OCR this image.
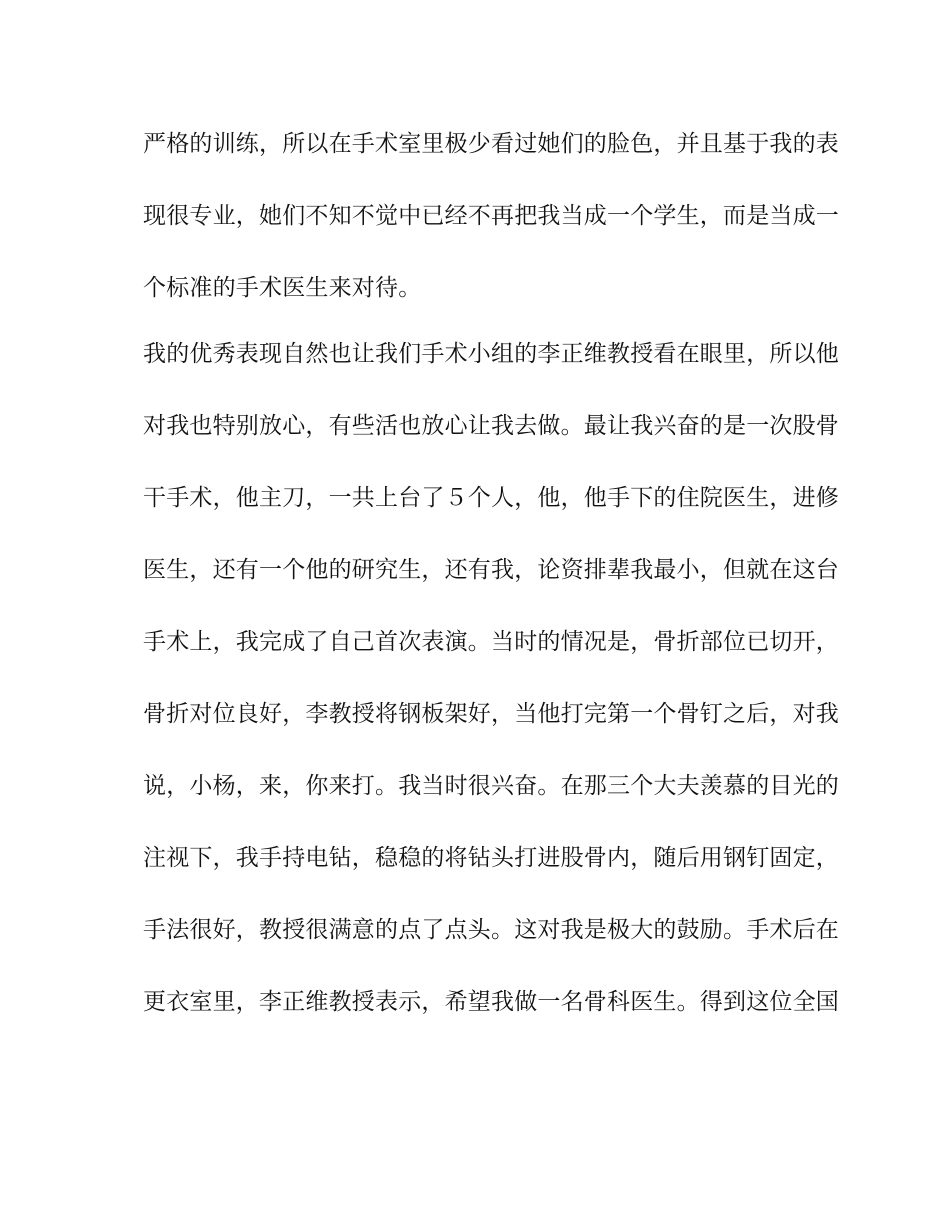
严格的训练，所以在手术室里极少看过她们的脸色，并且基于我的表
现很专业，她们不知不觉中已经不再把我当成一个学生，而是当成一
个标准的手术医生来对待。
我的优秀表现自然也让我们手术小组的李正维教授看在眼里，所以他
对我也特别放心，有些活也放心让我去做。最让我兴奋的是一次股骨
干手术，他主刀，一共上台了５个人，他，他手下的住院医生，进修
医生，还有一个他的研究生，还有我，论资排辈我最小，但就在这台
手术上，我完成了自己首次表演。当时的情况是，骨折部位已切开，
骨折对位良好，李教授将钢板架好，当他打完第一个骨钉之后，对我
说，小杨，来，你来打。我当时很兴奋。在那三个大夫羡慕的目光的
注视下，我手持电钻，稳稳的将钻头打进股骨内，随后用钢钉固定，
手法很好，教授很满意的点了点头。这对我是极大的鼓励。手术后在
更衣室里，李正维教授表示，希望我做一名骨科医生。得到这位全国
